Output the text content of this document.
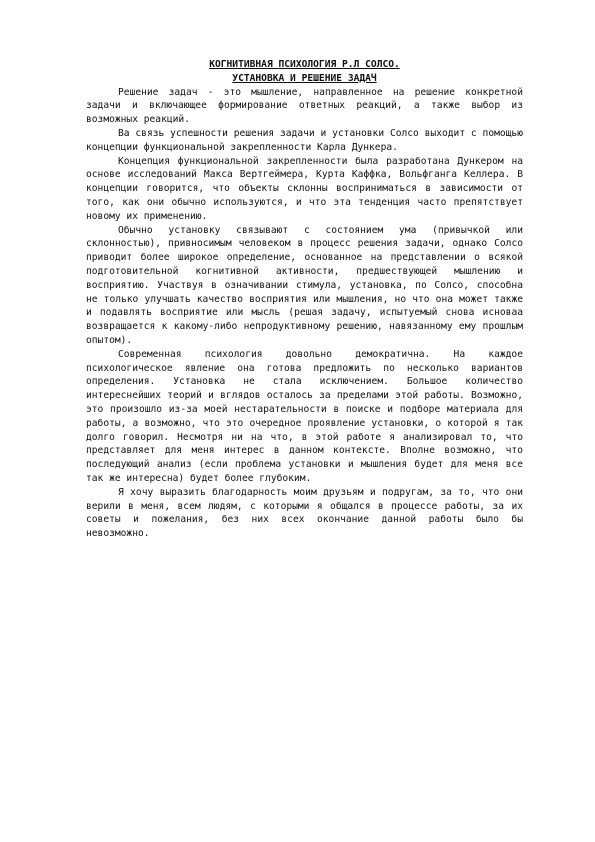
КОГНИТИВНАЯ ПСИХОЛОГИЯ Р.Л СОЛСО.

УСТАНОВКА И РЕШЕНИЕ ЗАДАЧ

Решение задач - это мышление, направленное на решение конкретной задачи и включающее формирование ответных реакций, а также выбор из возможных реакций.

Ва связь успешности решения задачи и установки Солсо выходит с помощью концепции функциональной закрепленности Карла Дункера.

Концепция функциональной закрепленности была разработана Дункером на основе исследований Макса Вертгеймера, Курта Каффка, Вольфганга Келлера. В концепции говорится, что объекты склонны восприниматься в зависимости от того, как они обычно используются, и что эта тенденция часто препятствует новому их применению.

Обычно установку связывают с состоянием ума (привычкой или склонностью), привносимым человеком в процесс решения задачи, однако Солсо приводит более широкое определение, основанное на представлении о всякой подготовительной когнитивной активности, предшествующей мышлению и восприятию. Участвуя в означивании стимула, установка, по Солсо, способна не только улучшать качество восприятия или мышления, но что она может также и подавлять восприятие или мысль (решая задачу, испытуемый снова исноваа возвращается к какому-либо непродуктивному решению, навязанному ему прошлым опытом).

Современная психология довольно демократична. На каждое психологическое явление она готова предложить по несколько вариантов определения. Установка не стала исключением. Большое количество интереснейших теорий и вглядов осталось за пределами этой работы. Возможно, это произошло из-за моей нестарательности в поиске и подборе материала для работы, а возможно, что это очередное проявление установки, о которой я так долго говорил. Несмотря ни на что, в этой работе я анализировал то, что представляет для меня интерес в данном контексте. Вполне возможно, что последующий анализ (если проблема установки и мышления будет для меня все так же интересна) будет более глубоким.

Я хочу выразить благодарность моим друзьям и подругам, за то, что они верили в меня, всем людям, с которыми я общался в процессе работы, за их советы и пожелания, без них всех окончание данной работы было бы невозможно.
